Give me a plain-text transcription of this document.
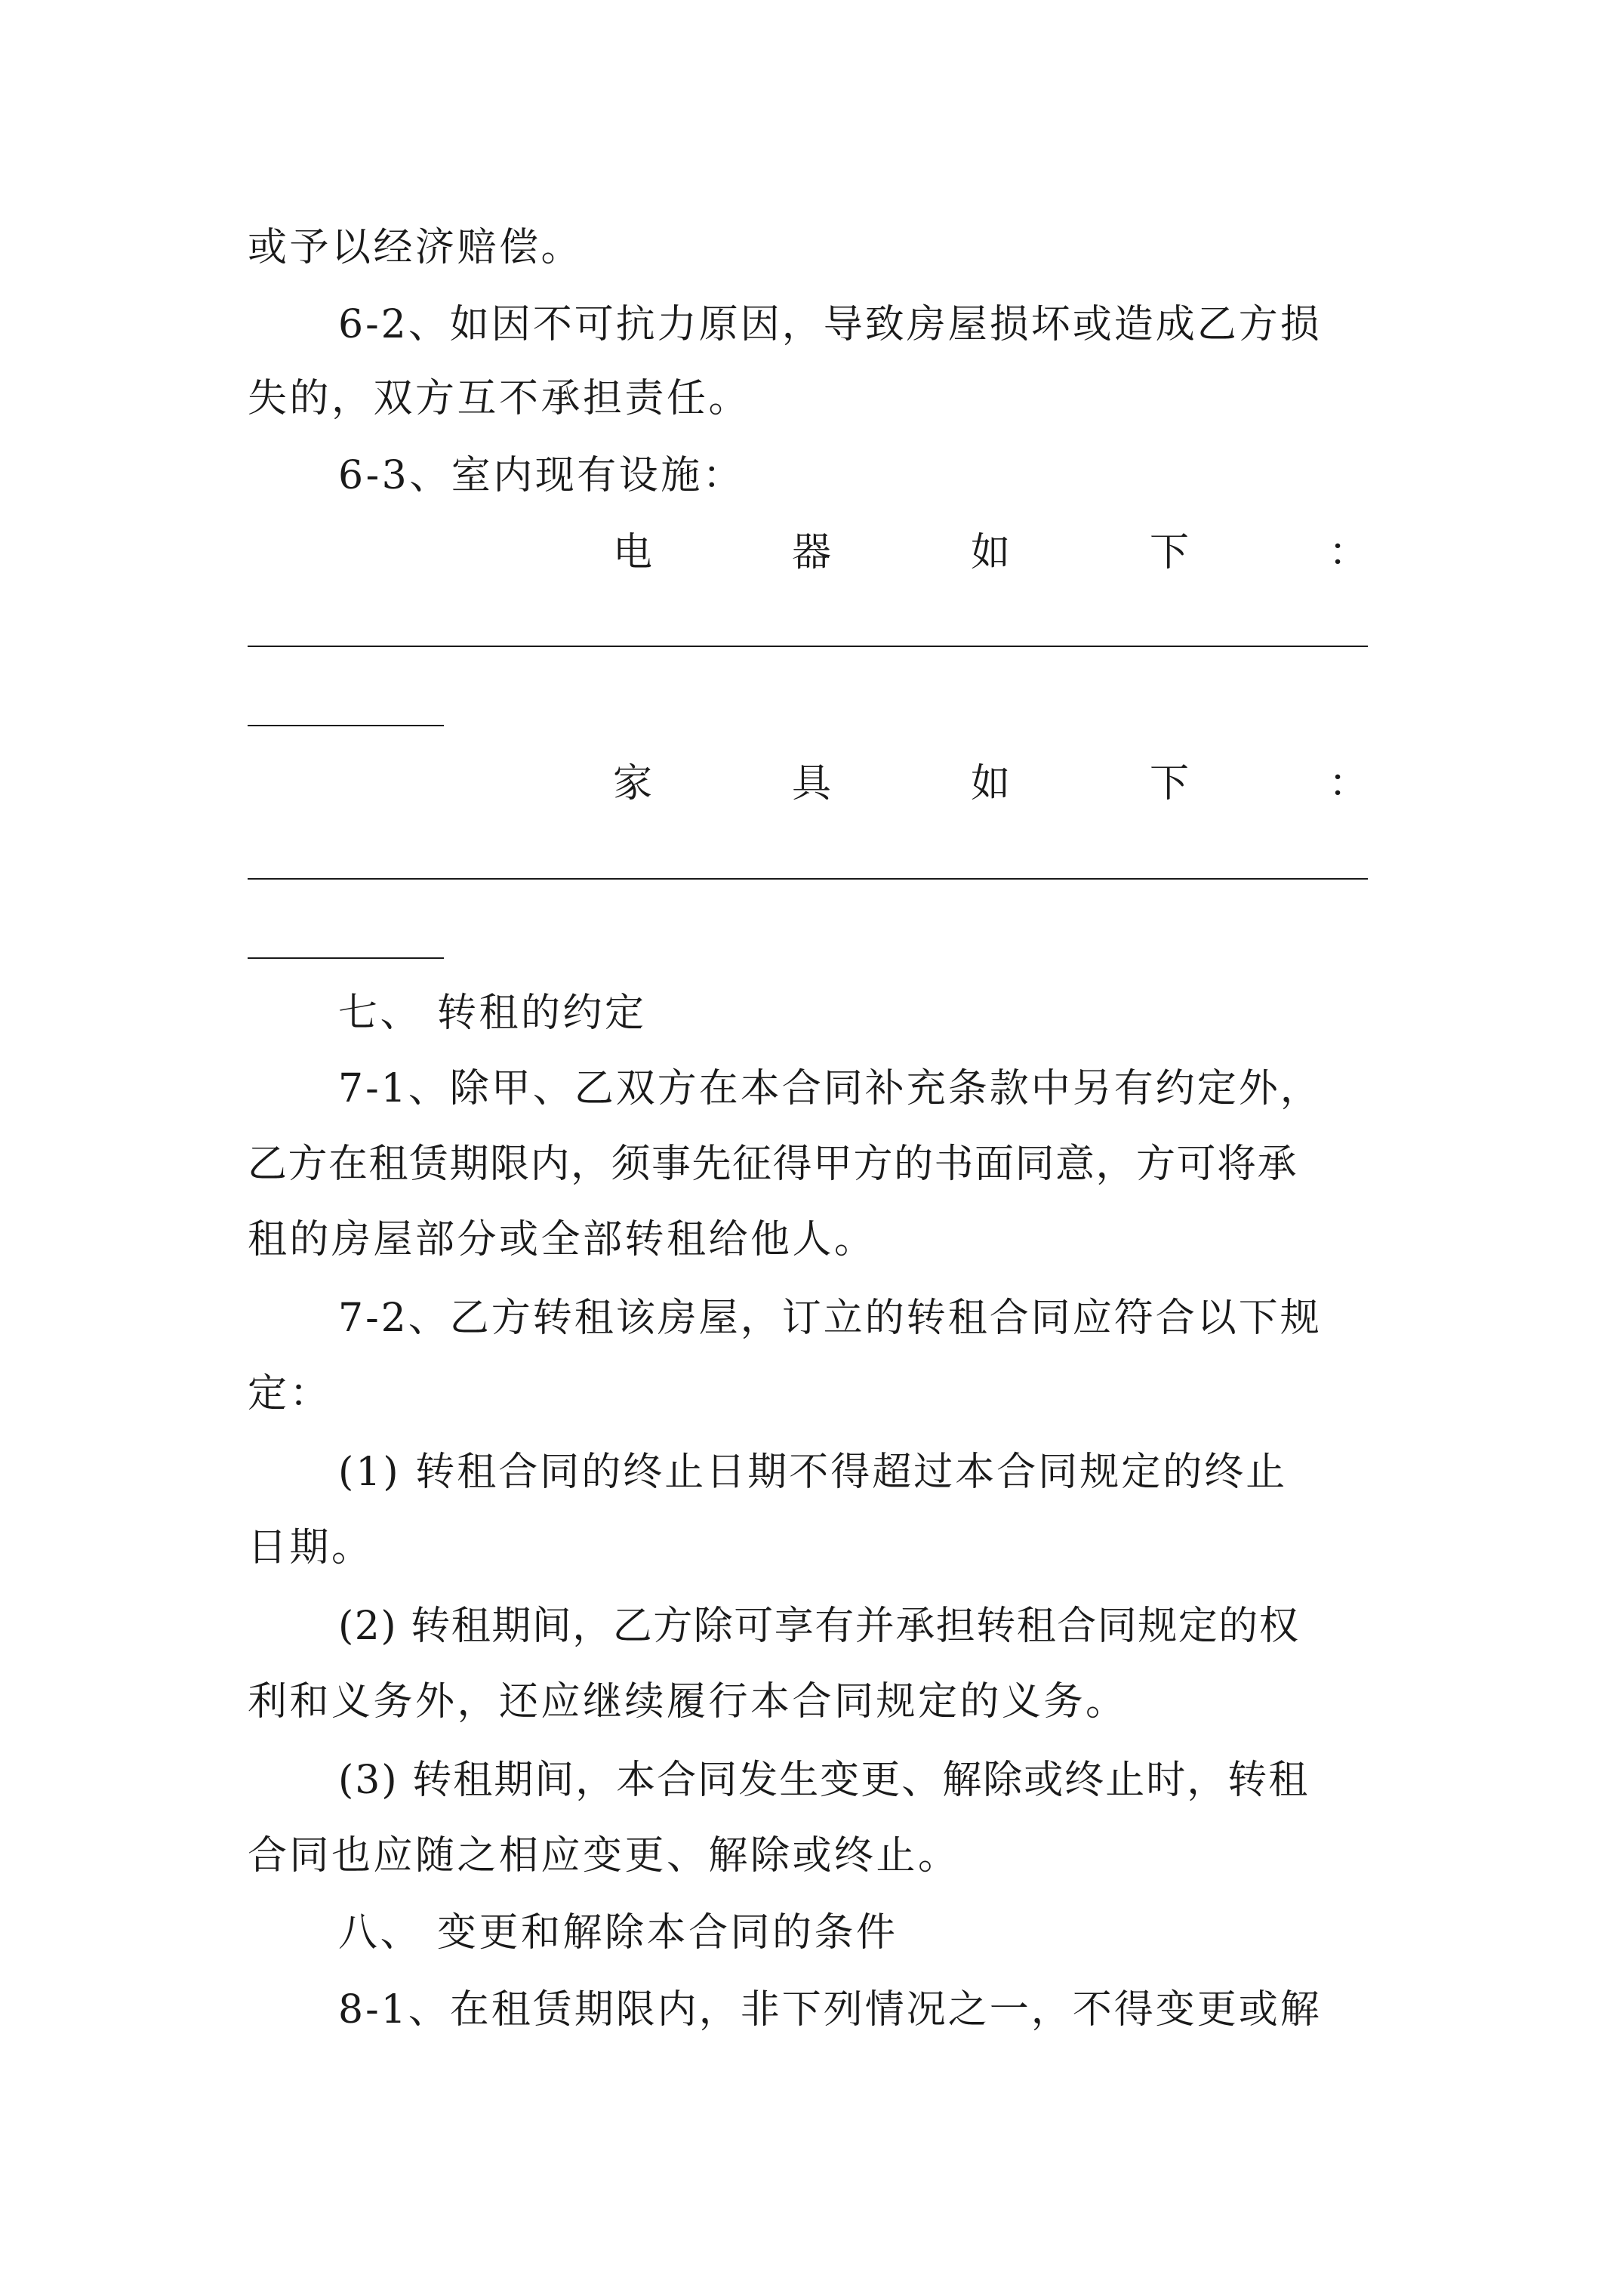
或予以经济赔偿。
6-2、如因不可抗力原因，导致房屋损坏或造成乙方损
失的，双方互不承担责任。
6-3、室内现有设施：
电	器	如	下	：
家	具	如	下	：
七、 转租的约定
7-1、除甲、乙双方在本合同补充条款中另有约定外，
乙方在租赁期限内，须事先征得甲方的书面同意，方可将承
租的房屋部分或全部转租给他人。
7-2、乙方转租该房屋，订立的转租合同应符合以下规
定：
(1) 转租合同的终止日期不得超过本合同规定的终止
日期。
(2) 转租期间，乙方除可享有并承担转租合同规定的权
利和义务外，还应继续履行本合同规定的义务。
(3) 转租期间，本合同发生变更、解除或终止时，转租
合同也应随之相应变更、解除或终止。
八、 变更和解除本合同的条件
8-1、在租赁期限内，非下列情况之一，不得变更或解
